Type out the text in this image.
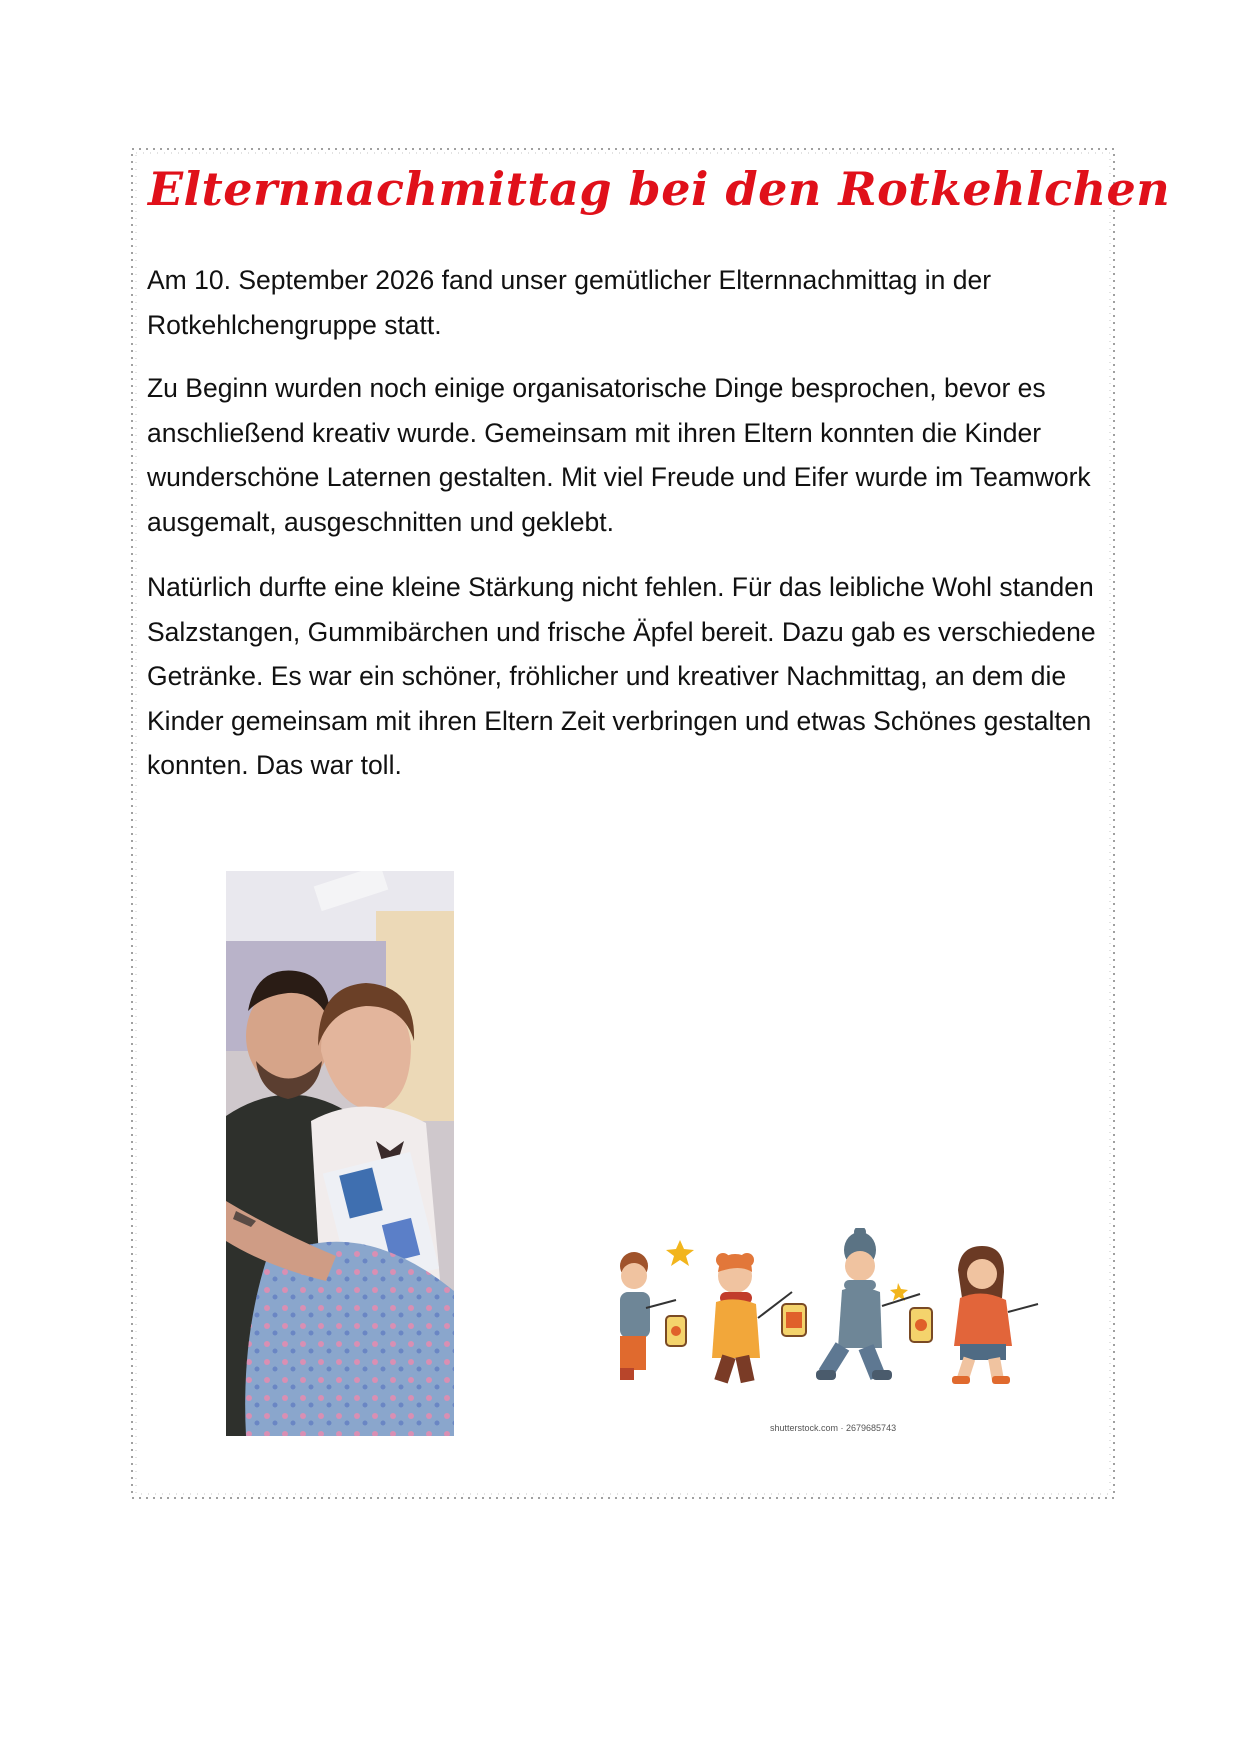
Elternnachmittag bei den Rotkehlchen

Am 10. September 2026 fand unser gemütlicher Elternnachmittag in der Rotkehlchengruppe statt.

Zu Beginn wurden noch einige organisatorische Dinge besprochen, bevor es anschließend kreativ wurde. Gemeinsam mit ihren Eltern konnten die Kinder wunderschöne Laternen gestalten. Mit viel Freude und Eifer wurde im Teamwork ausgemalt, ausgeschnitten und geklebt.

Natürlich durfte eine kleine Stärkung nicht fehlen. Für das leibliche Wohl standen Salzstangen, Gummibärchen und frische Äpfel bereit. Dazu gab es verschiedene Getränke. Es war ein schöner, fröhlicher und kreativer Nachmittag, an dem die Kinder gemeinsam mit ihren Eltern Zeit verbringen und etwas Schönes gestalten konnten. Das war toll.

shutterstock.com · 2679685743
